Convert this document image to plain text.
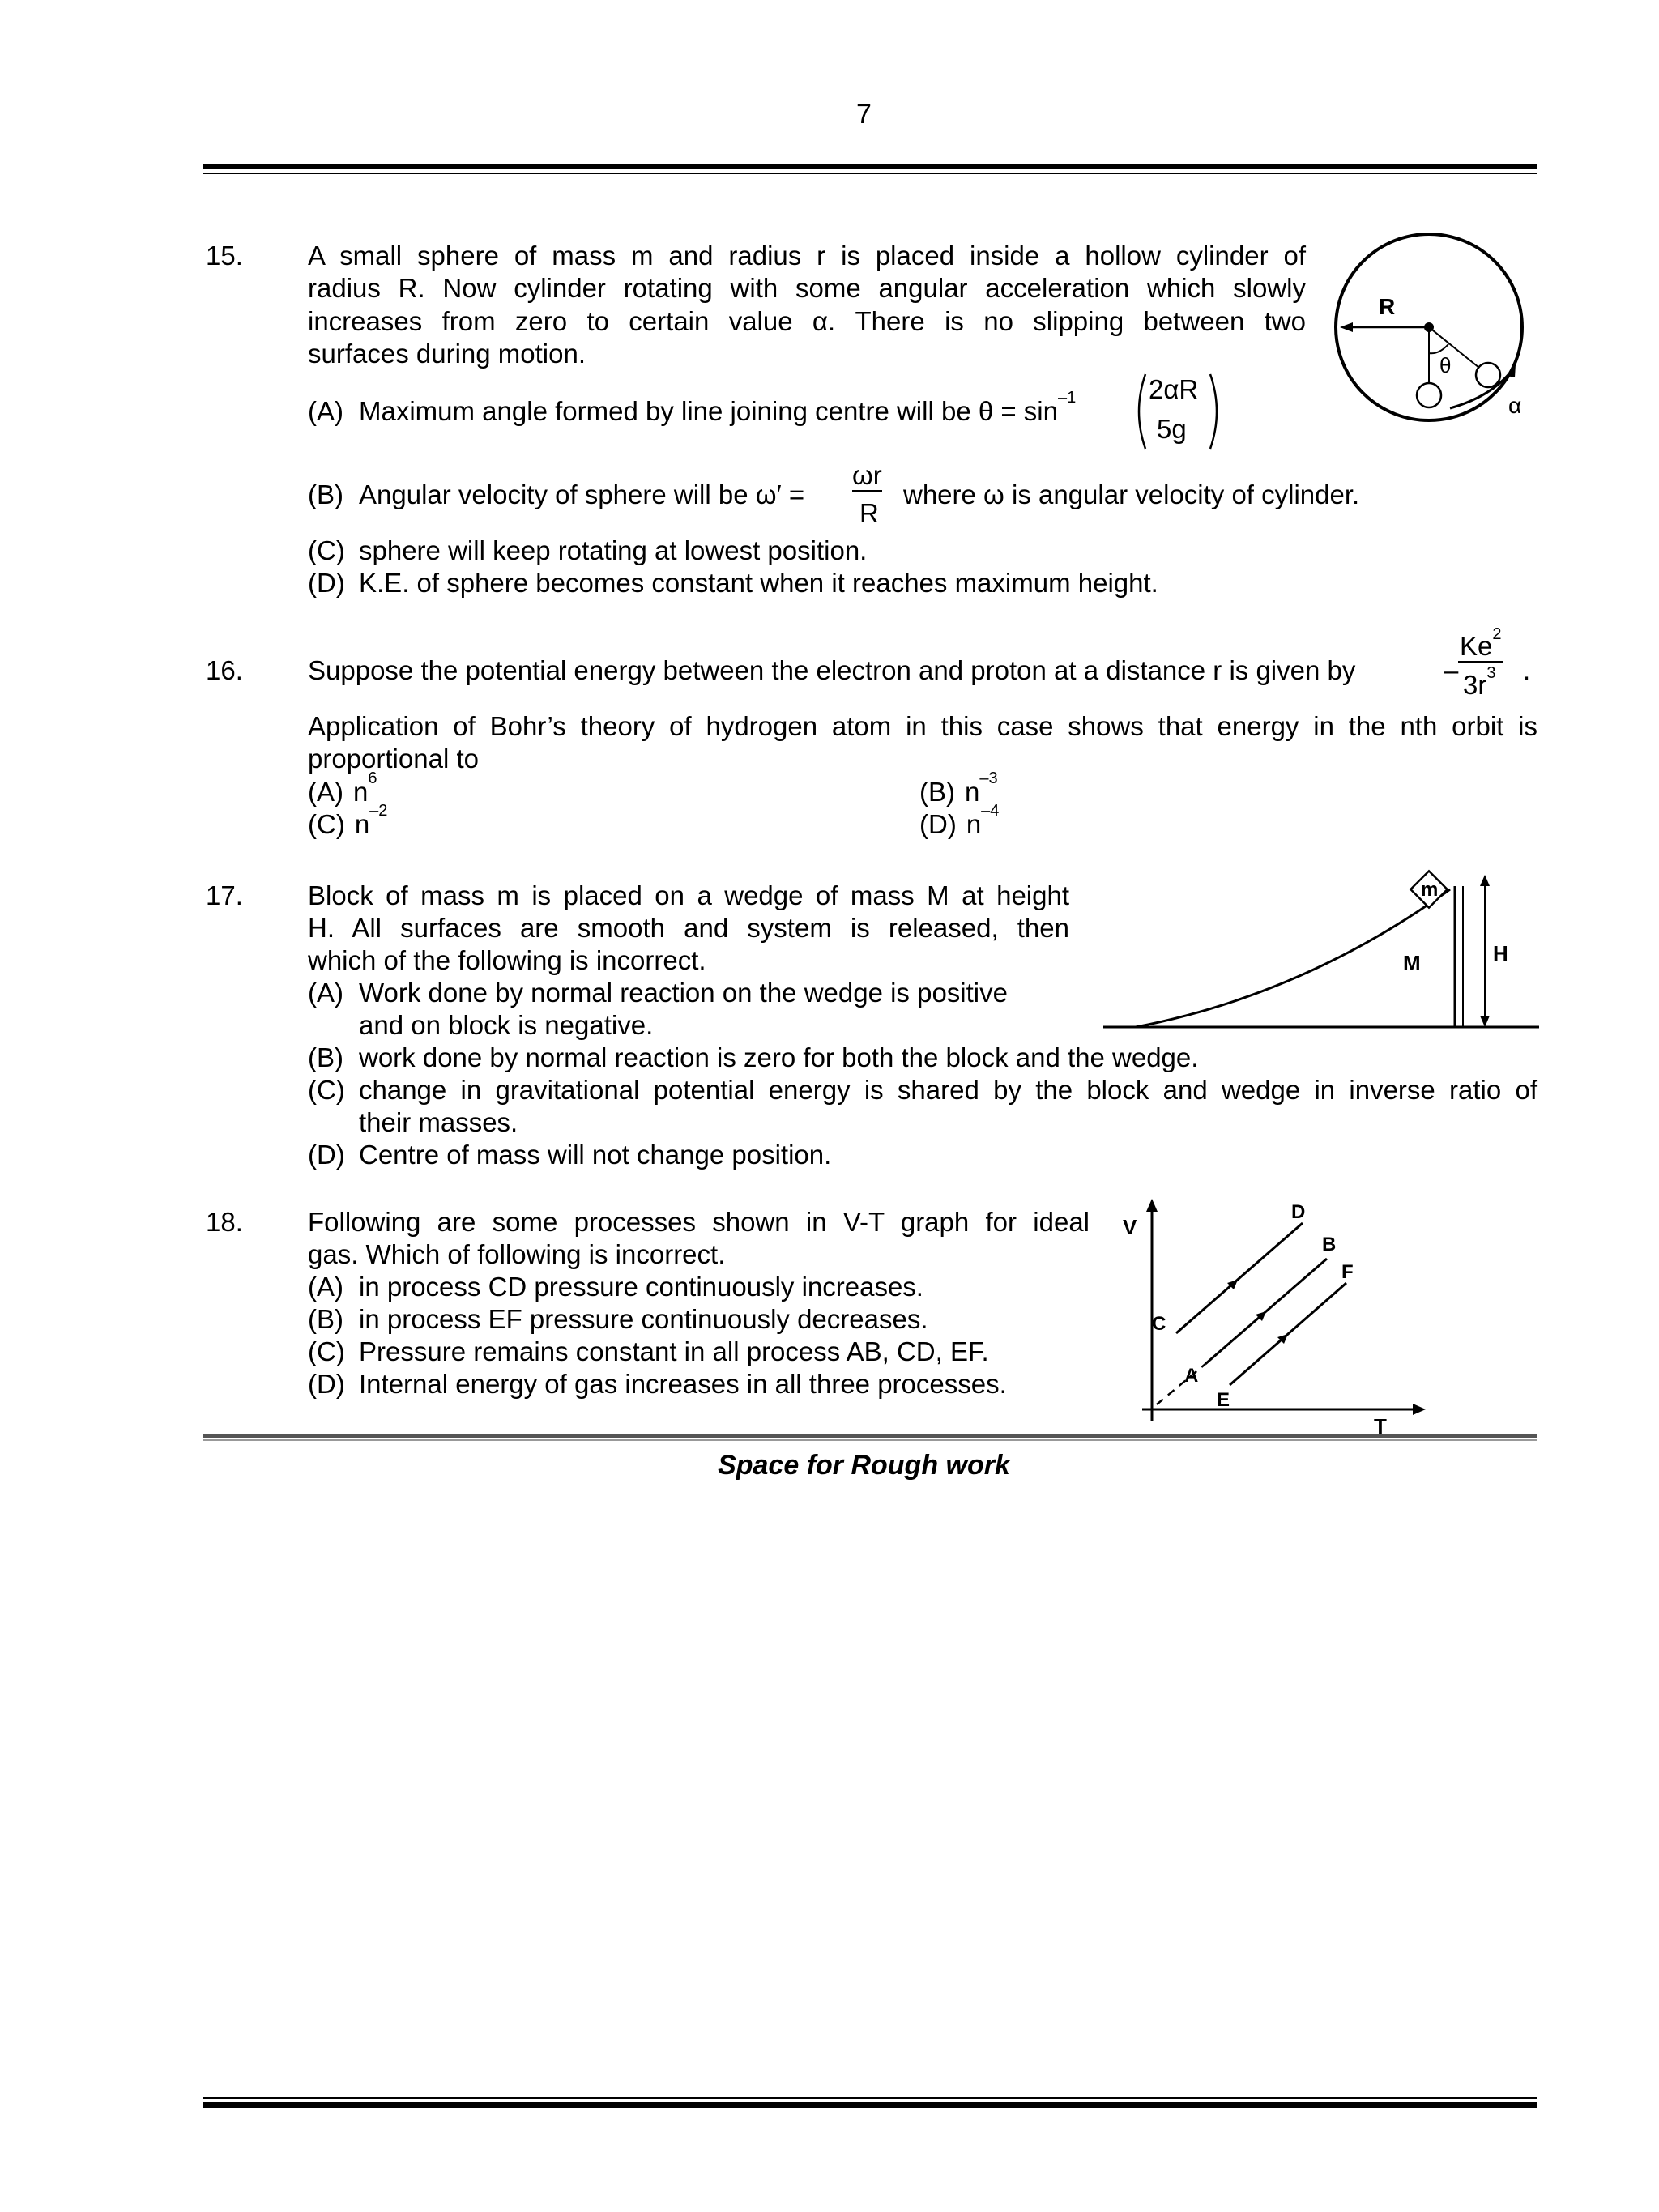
7
15. A small sphere of mass m and radius r is placed inside a hollow cylinder of
radius R. Now cylinder rotating with some angular acceleration which slowly
increases from zero to certain value α. There is no slipping between two
surfaces during motion.
(A) Maximum angle formed by line joining centre will be $\theta = \sin^{-1}$	2αR
5g
(B) Angular velocity of sphere will be ω′ =
ωr
R
where ω is angular velocity of cylinder.
(C) sphere will keep rotating at lowest position.
(D) K.E. of sphere becomes constant when it reaches maximum height.
R
θ
α
16. Suppose the potential energy between the electron and proton at a distance r is given by	–
Ke$^2$
$3r^3$ .
Application of Bohr’s theory of hydrogen atom in this case shows that energy in the nth orbit is
proportional to
(A) $n^6$	(B) $n^{-3}$
(C) $n^{-2}$	(D) $n^{-4}$
17. Block of mass m is placed on a wedge of mass M at height
H. All surfaces are smooth and system is released, then
which of the following is incorrect.
(A) Work done by normal reaction on the wedge is positive
and on block is negative.
(B) work done by normal reaction is zero for both the block and the wedge.
(C) change in gravitational potential energy is shared by the block and wedge in inverse ratio of
their masses.
(D) Centre of mass will not change position.
m
M	H
18. Following are some processes shown in V-T graph for ideal
gas. Which of following is incorrect.
(A) in process CD pressure continuously increases.
(B) in process EF pressure continuously decreases.
(C) Pressure remains constant in all process AB, CD, EF.
(D) Internal energy of gas increases in all three processes.
V
T
C
D
A
B
E
F
Space for Rough work
